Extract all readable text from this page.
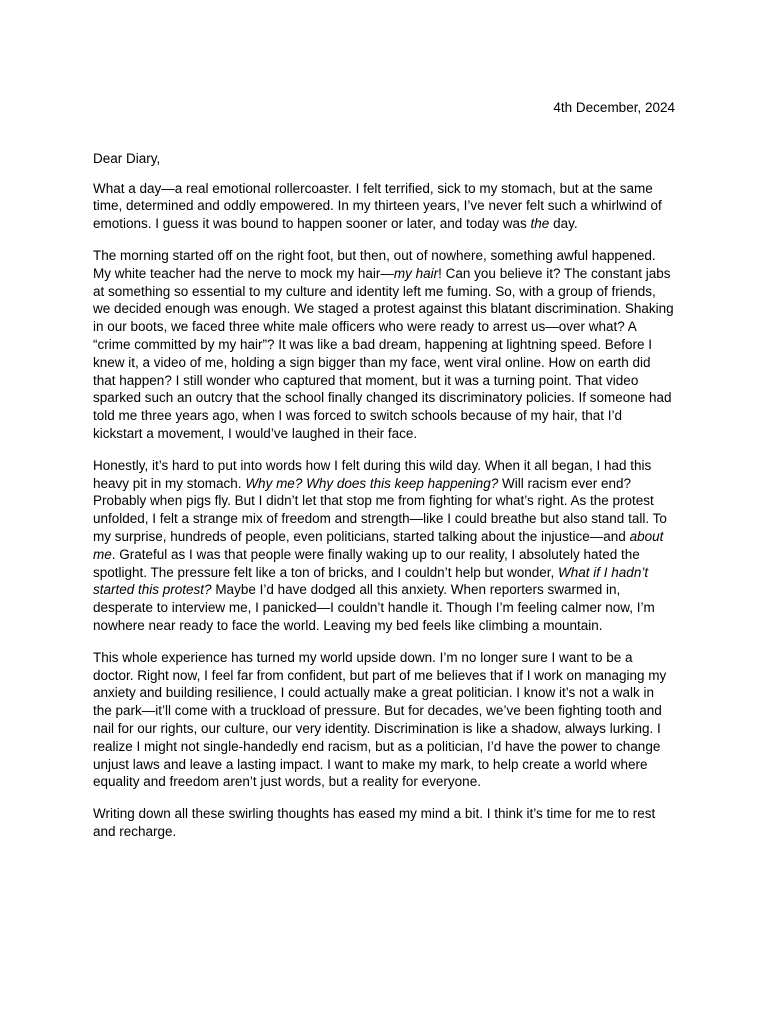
4th December, 2024

Dear Diary,

What a day—a real emotional rollercoaster. I felt terrified, sick to my stomach, but at the same time, determined and oddly empowered. In my thirteen years, I’ve never felt such a whirlwind of emotions. I guess it was bound to happen sooner or later, and today was the day.

The morning started off on the right foot, but then, out of nowhere, something awful happened. My white teacher had the nerve to mock my hair—my hair! Can you believe it? The constant jabs at something so essential to my culture and identity left me fuming. So, with a group of friends, we decided enough was enough. We staged a protest against this blatant discrimination. Shaking in our boots, we faced three white male officers who were ready to arrest us—over what? A “crime committed by my hair”? It was like a bad dream, happening at lightning speed. Before I knew it, a video of me, holding a sign bigger than my face, went viral online. How on earth did that happen? I still wonder who captured that moment, but it was a turning point. That video sparked such an outcry that the school finally changed its discriminatory policies. If someone had told me three years ago, when I was forced to switch schools because of my hair, that I’d kickstart a movement, I would’ve laughed in their face.

Honestly, it’s hard to put into words how I felt during this wild day. When it all began, I had this heavy pit in my stomach. Why me? Why does this keep happening? Will racism ever end? Probably when pigs fly. But I didn’t let that stop me from fighting for what’s right. As the protest unfolded, I felt a strange mix of freedom and strength—like I could breathe but also stand tall. To my surprise, hundreds of people, even politicians, started talking about the injustice—and about me. Grateful as I was that people were finally waking up to our reality, I absolutely hated the spotlight. The pressure felt like a ton of bricks, and I couldn’t help but wonder, What if I hadn’t started this protest? Maybe I’d have dodged all this anxiety. When reporters swarmed in, desperate to interview me, I panicked—I couldn’t handle it. Though I’m feeling calmer now, I’m nowhere near ready to face the world. Leaving my bed feels like climbing a mountain.

This whole experience has turned my world upside down. I’m no longer sure I want to be a doctor. Right now, I feel far from confident, but part of me believes that if I work on managing my anxiety and building resilience, I could actually make a great politician. I know it’s not a walk in the park—it’ll come with a truckload of pressure. But for decades, we’ve been fighting tooth and nail for our rights, our culture, our very identity. Discrimination is like a shadow, always lurking. I realize I might not single-handedly end racism, but as a politician, I’d have the power to change unjust laws and leave a lasting impact. I want to make my mark, to help create a world where equality and freedom aren’t just words, but a reality for everyone.

Writing down all these swirling thoughts has eased my mind a bit. I think it’s time for me to rest and recharge.
